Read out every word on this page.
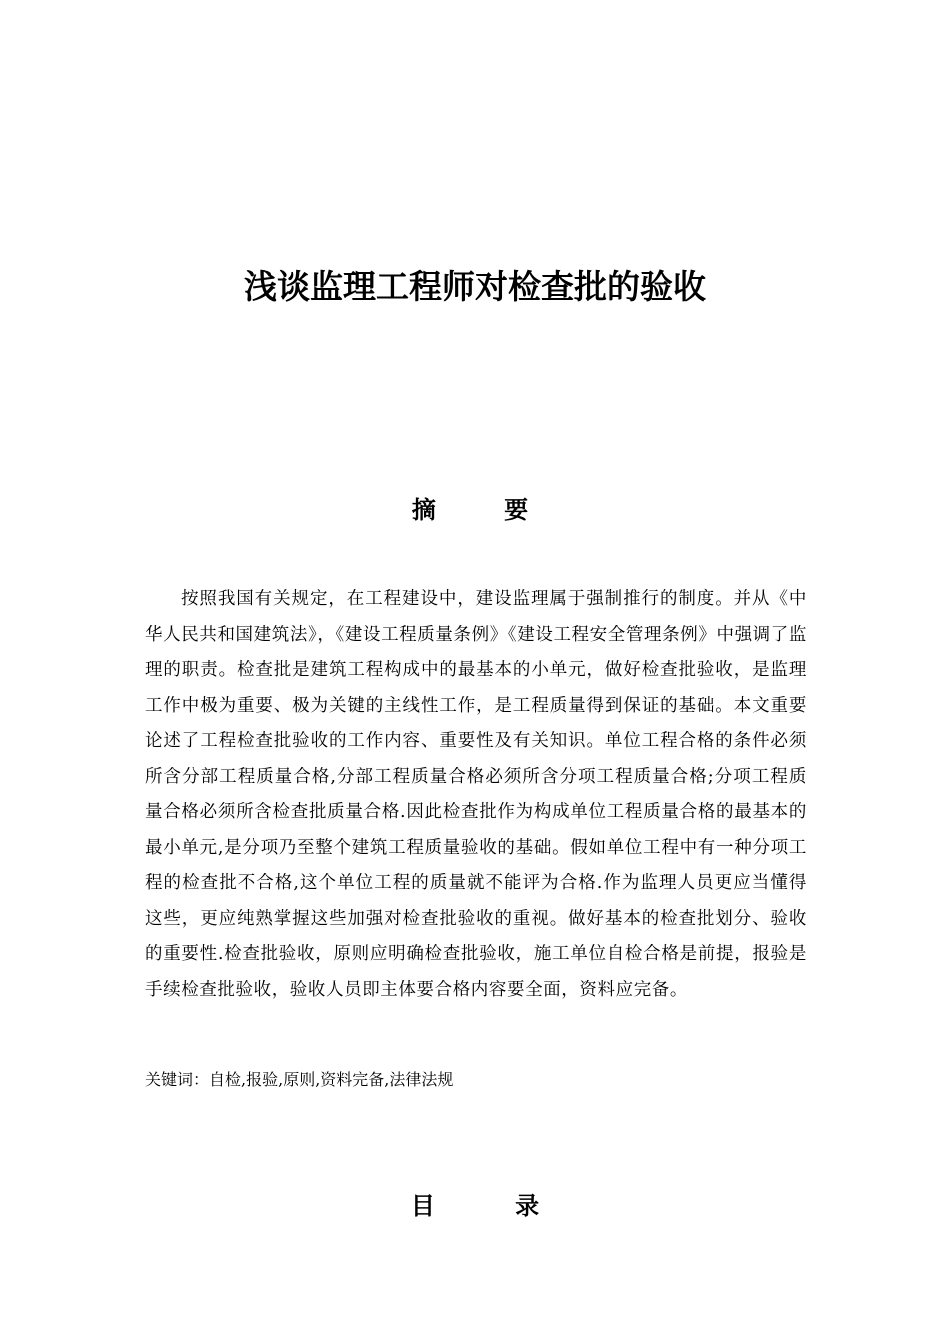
浅谈监理工程师对检查批的验收
摘 要

按照我国有关规定，在工程建设中，建设监理属于强制推行的制度。并从《中华人民共和国建筑法》，《建设工程质量条例》《建设工程安全管理条例》中强调了监理的职责。检查批是建筑工程构成中的最基本的小单元，做好检查批验收，是监理工作中极为重要、极为关键的主线性工作，是工程质量得到保证的基础。本文重要论述了工程检查批验收的工作内容、重要性及有关知识。单位工程合格的条件必须所含分部工程质量合格,分部工程质量合格必须所含分项工程质量合格;分项工程质量合格必须所含检查批质量合格.因此检查批作为构成单位工程质量合格的最基本的最小单元,是分项乃至整个建筑工程质量验收的基础。假如单位工程中有一种分项工程的检查批不合格,这个单位工程的质量就不能评为合格.作为监理人员更应当懂得这些，更应纯熟掌握这些加强对检查批验收的重视。做好基本的检查批划分、验收的重要性.检查批验收，原则应明确检查批验收，施工单位自检合格是前提，报验是手续检查批验收，验收人员即主体要合格内容要全面，资料应完备。

关键词：自检,报验,原则,资料完备,法律法规

目 录
